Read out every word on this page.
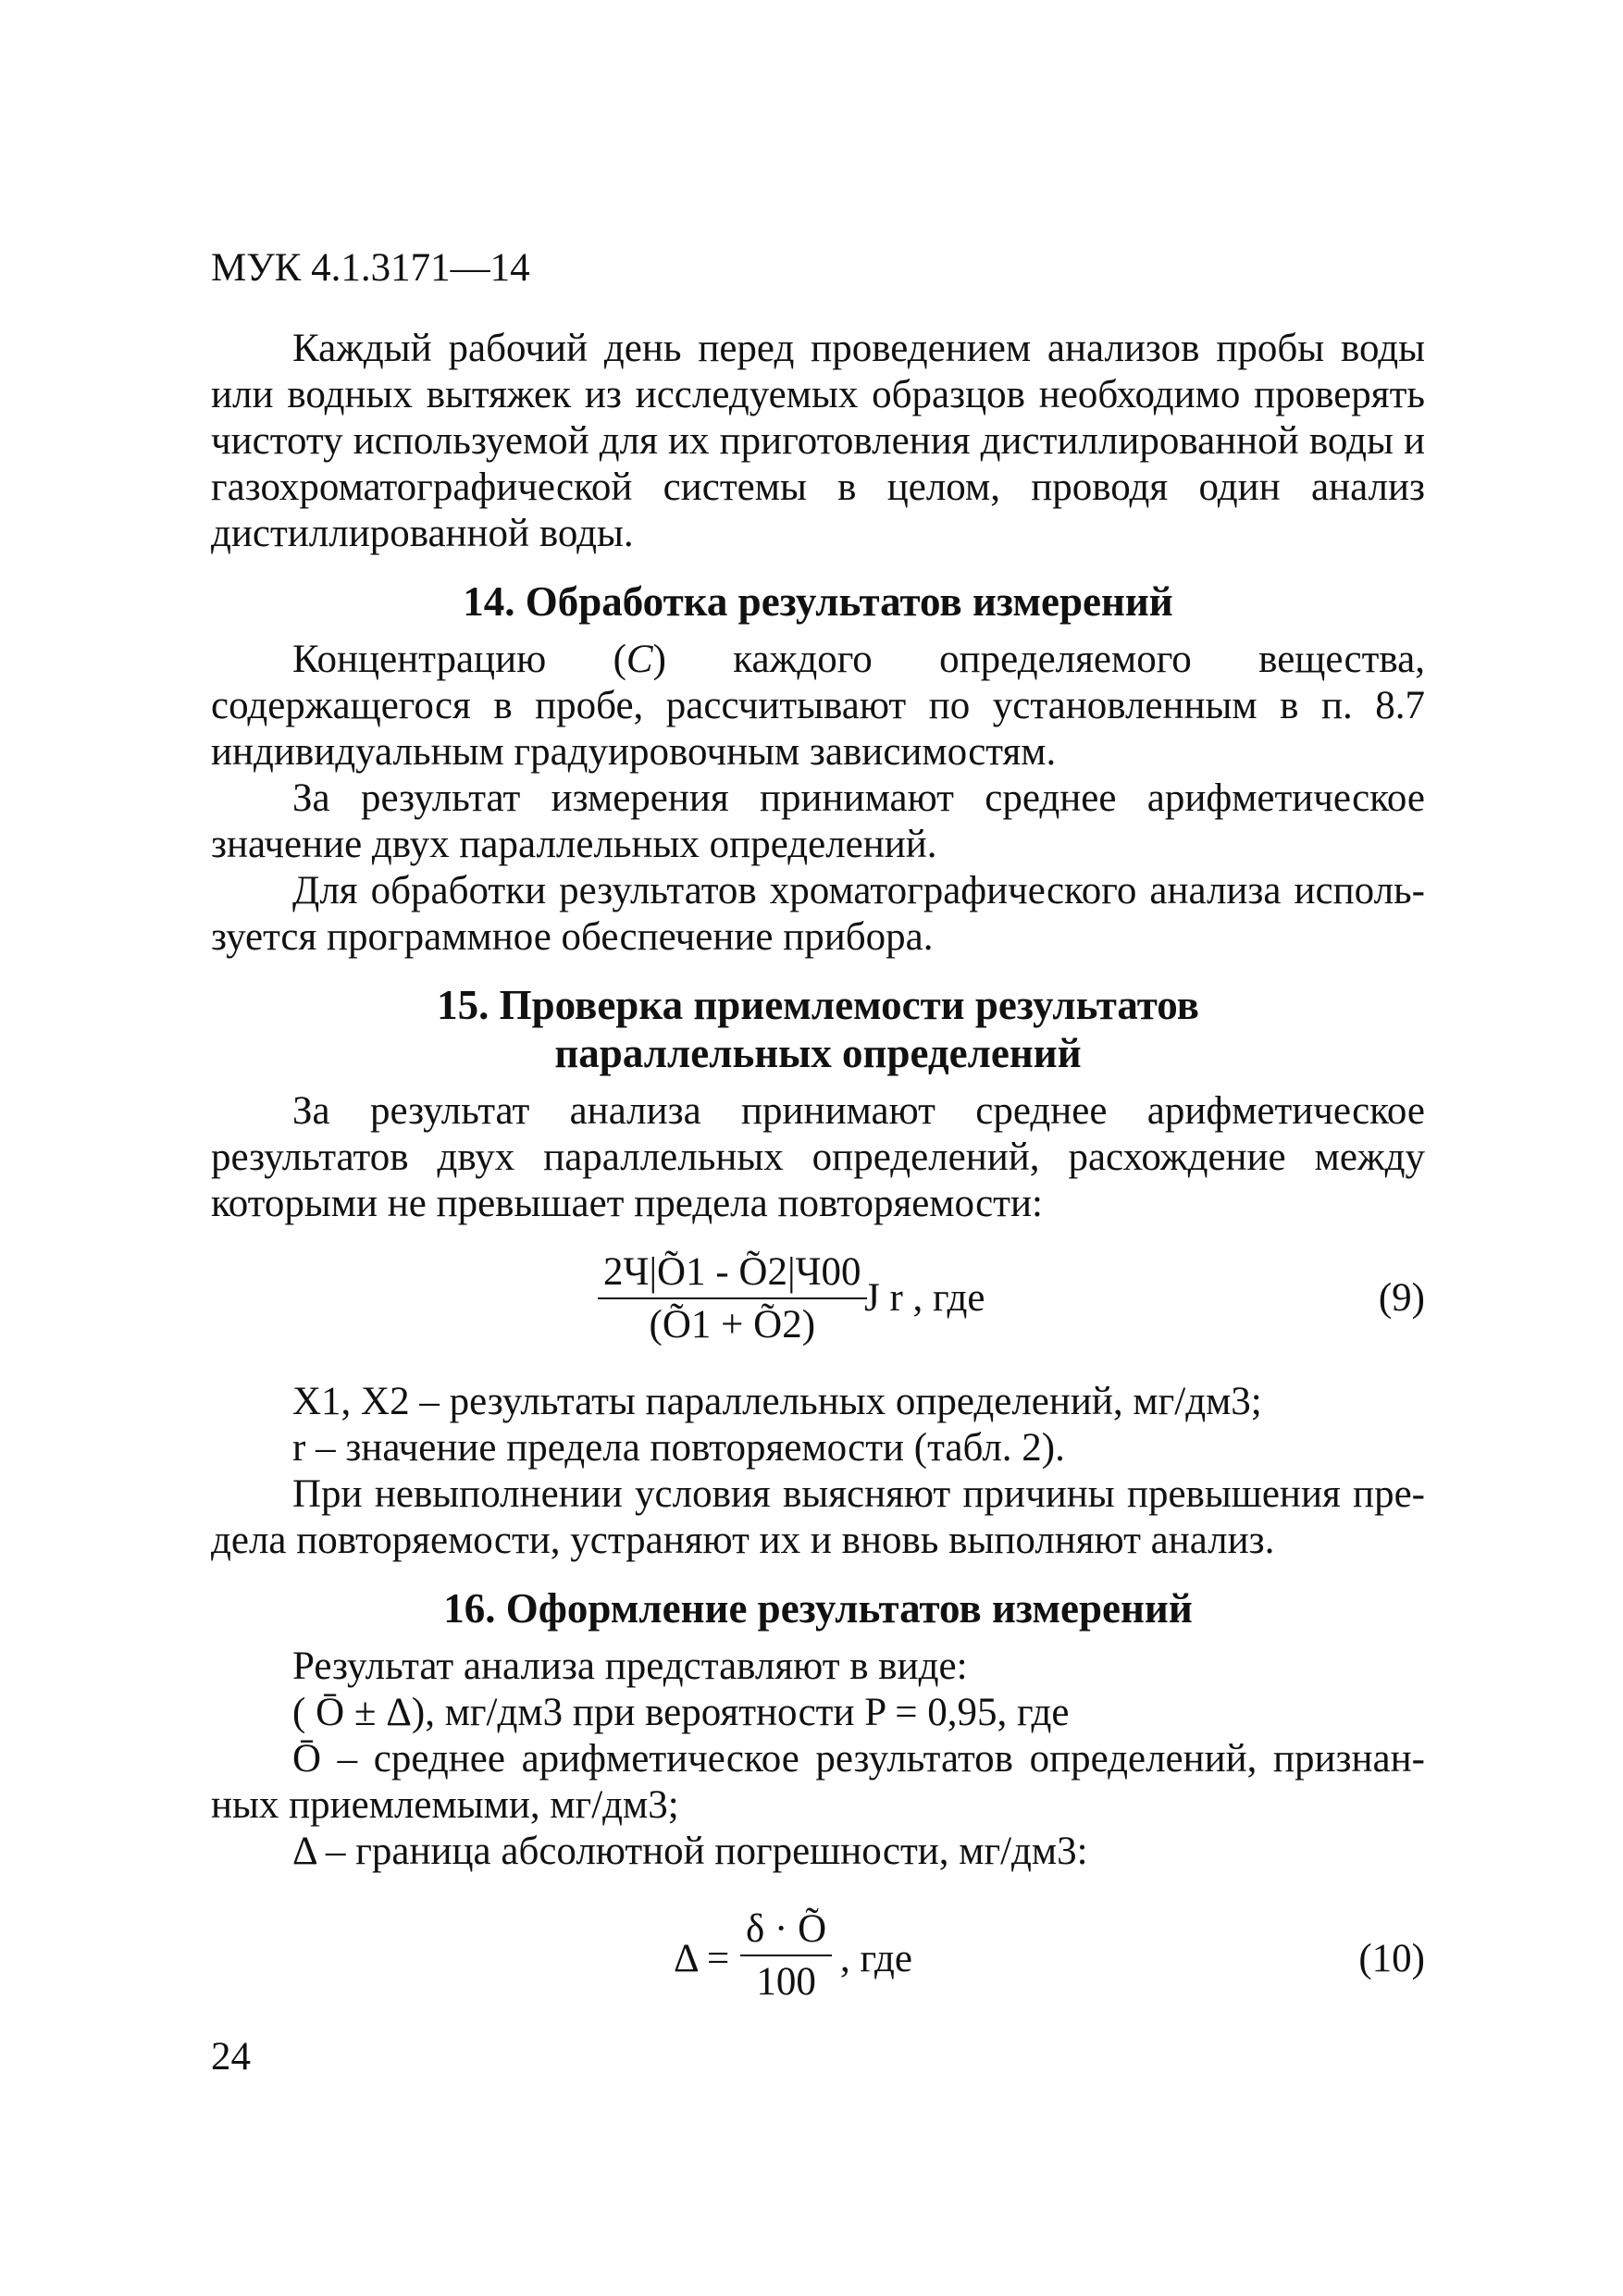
МУК 4.1.3171—14

Каждый рабочий день перед проведением анализов пробы воды или водных вытяжек из исследуемых образцов необходимо проверять чистоту используемой для их приготовления дистиллированной воды и газохроматографической системы в целом, проводя один анализ дистиллированной воды.

14. Обработка результатов измерений

Концентрацию (С) каждого определяемого вещества, содержащегося в пробе, рассчитывают по установленным в п. 8.7 индивидуальным градуировочным зависимостям.

За результат измерения принимают среднее арифметическое значение двух параллельных определений.

Для обработки результатов хроматографического анализа используется программное обеспечение прибора.

15. Проверка приемлемости результатов
параллельных определений

За результат анализа принимают среднее арифметическое результатов двух параллельных определений, расхождение между которыми не превышает предела повторяемости:

2Ч|Õ1 - Õ2|Ч00
(Õ1 + Õ2)
J r , где	(9)

X1, X2 – результаты параллельных определений, мг/дм3;

r – значение предела повторяемости (табл. 2).

При невыполнении условия выясняют причины превышения предела повторяемости, устраняют их и вновь выполняют анализ.

16. Оформление результатов измерений

Результат анализа представляют в виде:

( Ō ± Δ), мг/дм3 при вероятности P = 0,95, где

Ō – среднее арифметическое результатов определений, признанных приемлемыми, мг/дм3;

Δ – граница абсолютной погрешности, мг/дм3:

$\Delta = \frac{\delta \cdot Õ}{100}$ , где	(10)
24
